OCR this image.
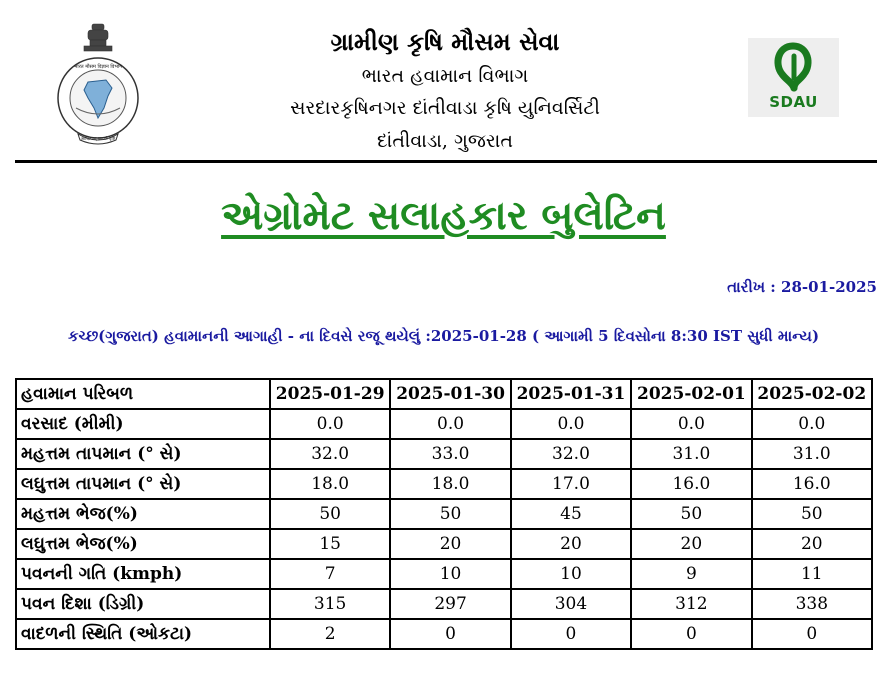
भारत मौसम विज्ञान विभाग
आदित्यात् जायते वृष्टि
ગ્રામીણ કૃષિ મૌસમ સેવા
ભારત હવામાન વિભાગ
સરદારકૃષિનગર દાંતીવાડા કૃષિ યુનિવર્સિટી
દાંતીવાડા, ગુજરાત
SDAU
એગ્રોમેટ સલાહકાર બુલેટિન
તારીખ : 28-01-2025
કચ્છ(ગુજરાત) હવામાનની આગાહી - ના દિવસે રજૂ થયેલું :2025-01-28 ( આગામી 5 દિવસોના 8:30 IST સુધી માન્ય)
હવામાન પરિબળ	2025-01-29	2025-01-30	2025-01-31	2025-02-01	2025-02-02
વરસાદ (મીમી)	0.0	0.0	0.0	0.0	0.0
મહત્તમ તાપમાન (° સે)	32.0	33.0	32.0	31.0	31.0
લઘુત્તમ તાપમાન (° સે)	18.0	18.0	17.0	16.0	16.0
મહત્તમ ભેજ(%)	50	50	45	50	50
લઘુત્તમ ભેજ(%)	15	20	20	20	20
પવનની ગતિ (kmph)	7	10	10	9	11
પવન દિશા (ડિગ્રી)	315	297	304	312	338
વાદળની સ્થિતિ (ઓકટા)	2	0	0	0	0
